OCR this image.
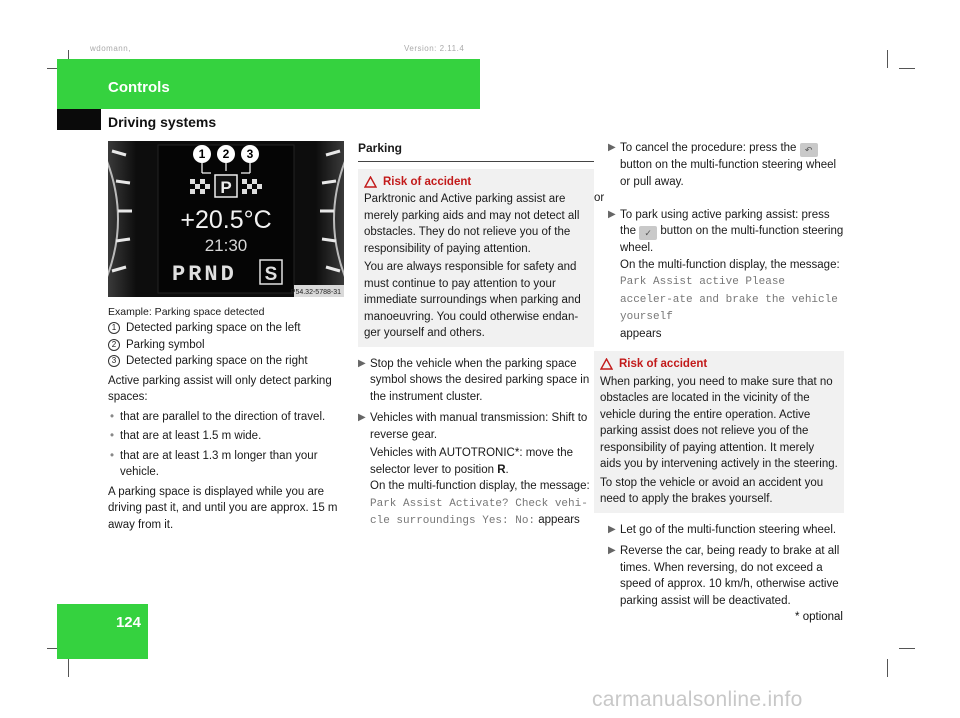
wdomann,	Version: 2.11.4
Controls
Driving systems
1 2 3
P
+20.5°C
21:30
PRND S
P54.32-5788-31

Example: Parking space detected

1 Detected parking space on the left
2 Parking symbol
3 Detected parking space on the right

Active parking assist will only detect parking spaces:

• that are parallel to the direction of travel.
• that are at least 1.5 m wide.
• that are at least 1.3 m longer than your vehicle.

A parking space is displayed while you are driving past it, and until you are approx. 15 m away from it.

Parking
Risk of accident

Parktronic and Active parking assist are merely parking aids and may not detect all obstacles. They do not relieve you of the responsibility of paying attention.

You are always responsible for safety and must continue to pay attention to your immediate surroundings when parking and manoeuvring. You could otherwise endan-ger yourself and others.

▶ Stop the vehicle when the parking space symbol shows the desired parking space in the instrument cluster.
▶ Vehicles with manual transmission: Shift to reverse gear.

Vehicles with AUTOTRONIC*: move the selector lever to position R.

On the multi-function display, the message: Park Assist Activate? Check vehi-cle surroundings Yes: No: appears

▶ To cancel the procedure: press the ↶ button on the multi-function steering wheel or pull away.

or

▶ To park using active parking assist: press the ✓ button on the multi-function steering wheel.

On the multi-function display, the message: Park Assist active Please acceler-ate and brake the vehicle yourself

appears

Risk of accident

When parking, you need to make sure that no obstacles are located in the vicinity of the vehicle during the entire operation. Active parking assist does not relieve you of the responsibility of paying attention. It merely aids you by intervening actively in the steering.

To stop the vehicle or avoid an accident you need to apply the brakes yourself.

▶ Let go of the multi-function steering wheel.
▶ Reverse the car, being ready to brake at all times. When reversing, do not exceed a speed of approx. 10 km/h, otherwise active parking assist will be deactivated.
124	* optional
carmanualsonline.info
